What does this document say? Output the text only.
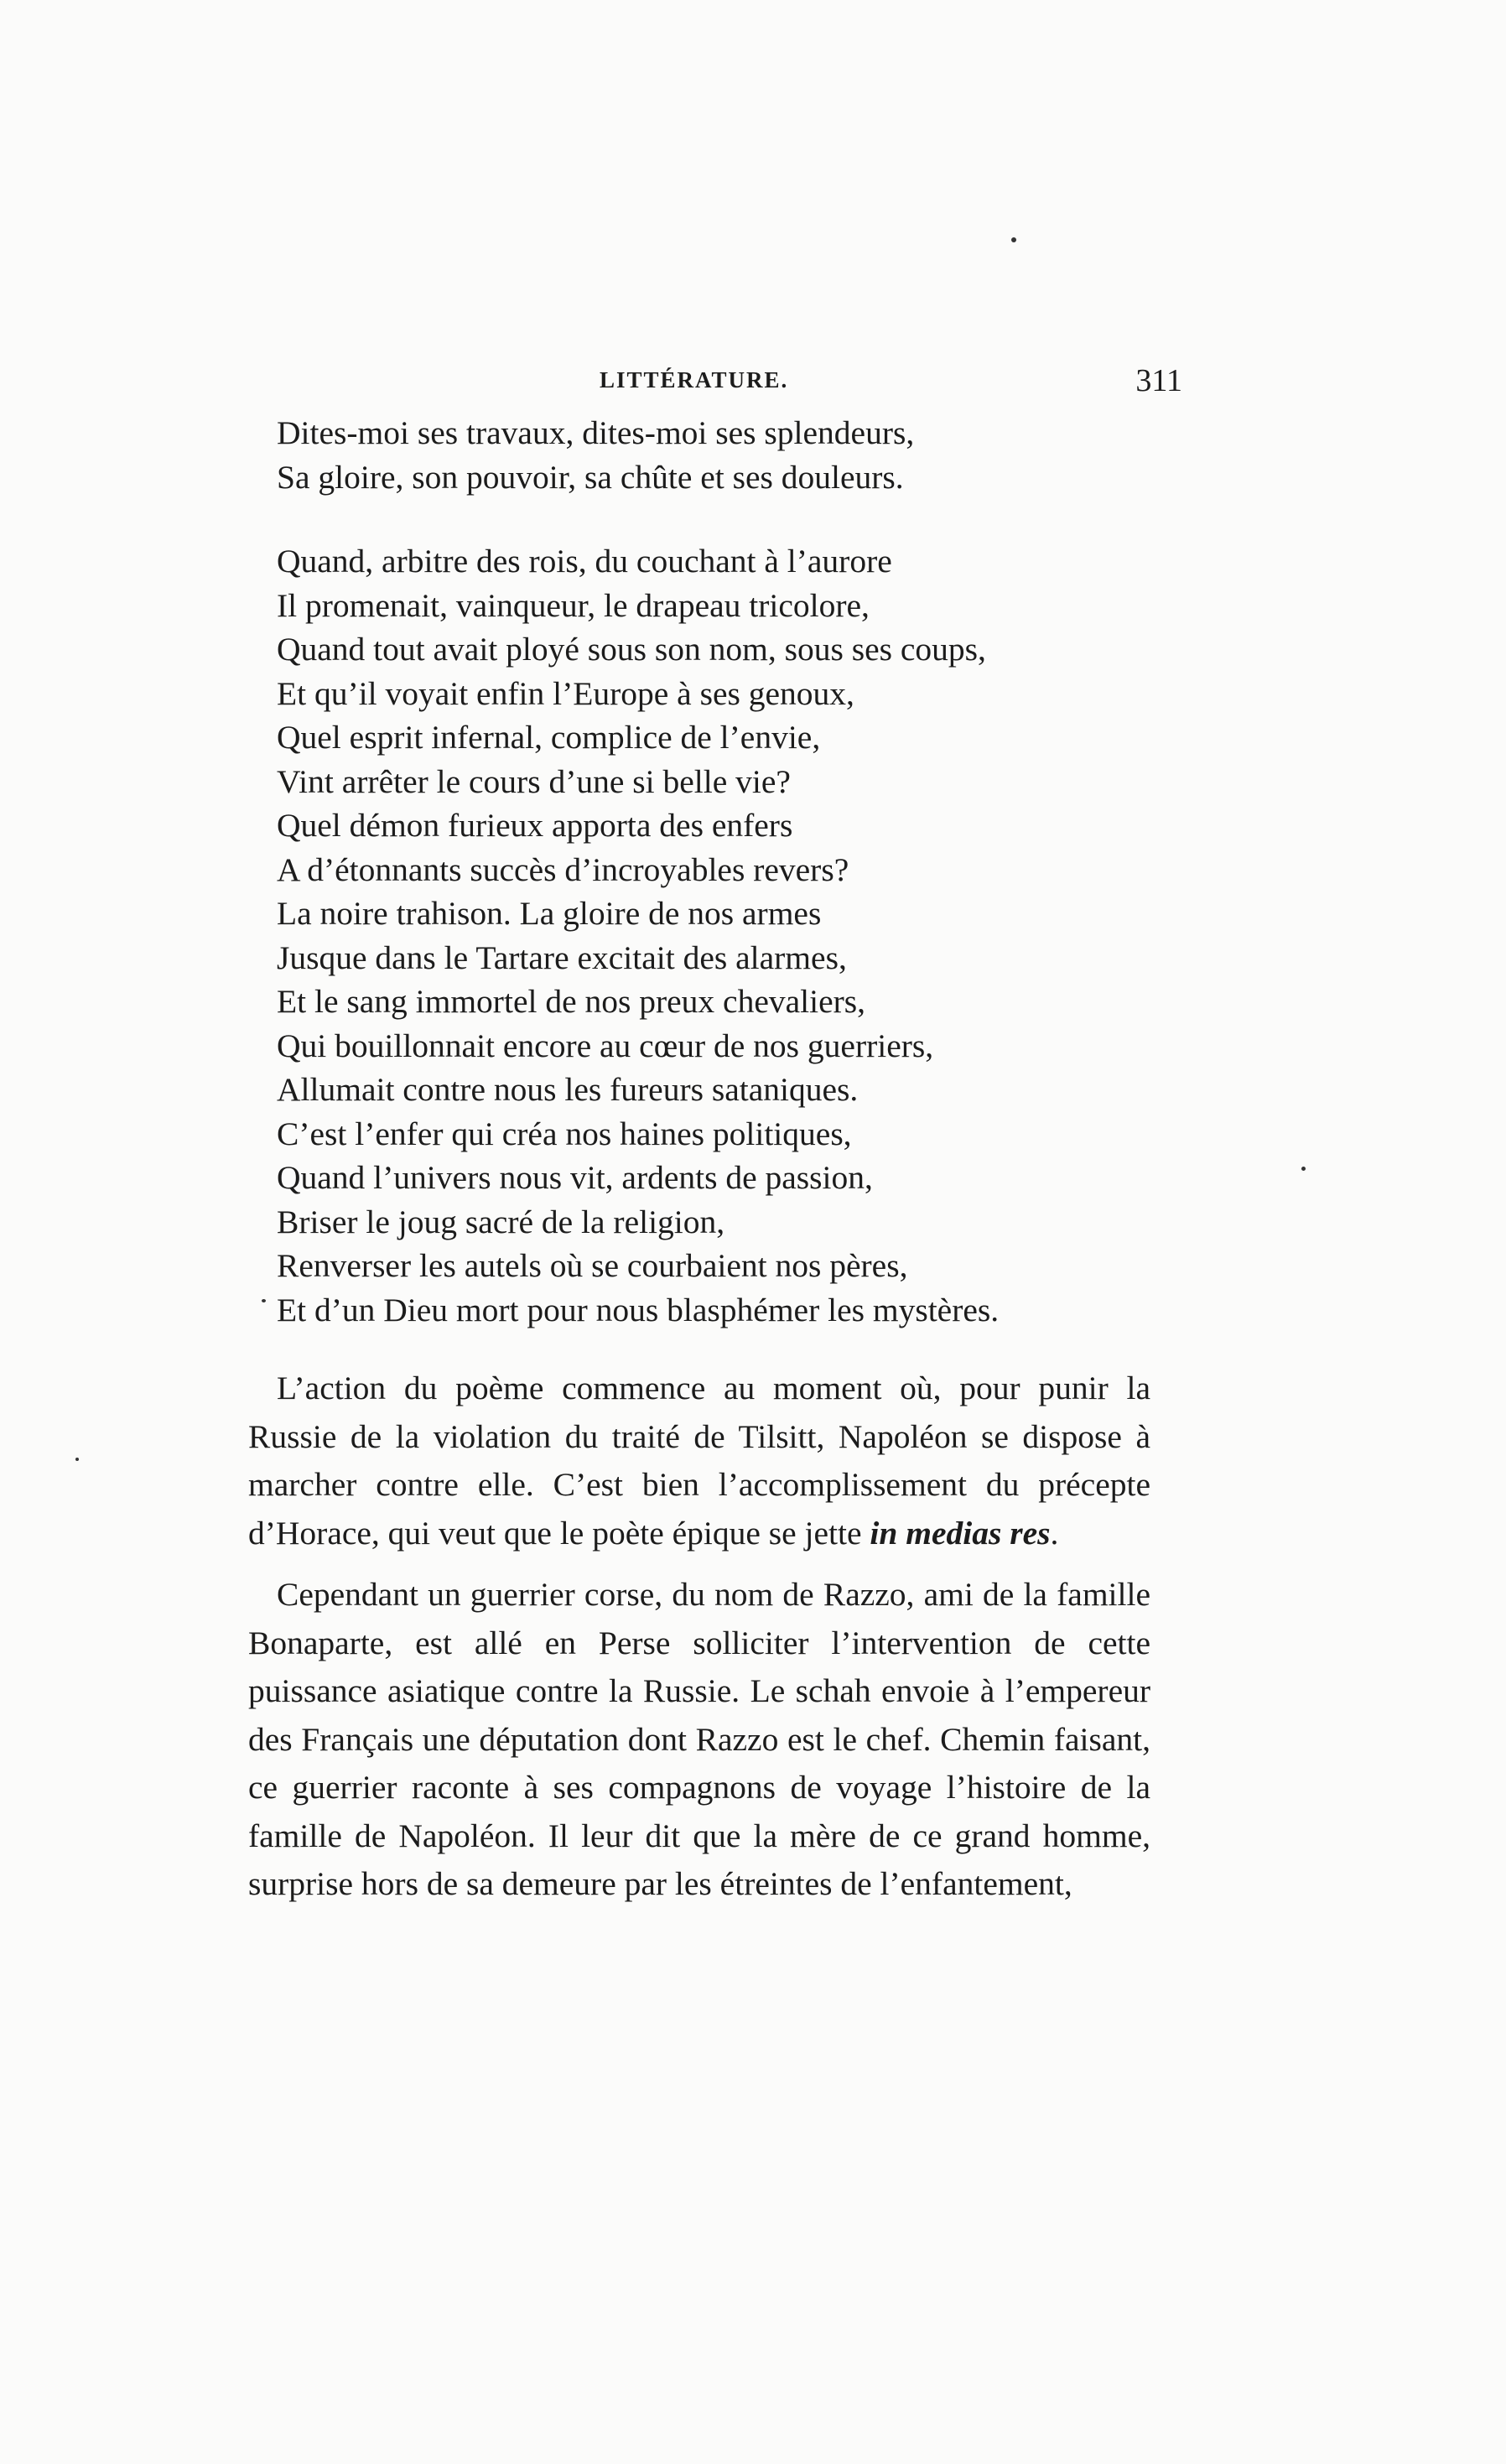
LITTÉRATURE.	311
Dites-moi ses travaux, dites-moi ses splendeurs,
Sa gloire, son pouvoir, sa chûte et ses douleurs.
Quand, arbitre des rois, du couchant à l’aurore
Il promenait, vainqueur, le drapeau tricolore,
Quand tout avait ployé sous son nom, sous ses coups,
Et qu’il voyait enfin l’Europe à ses genoux,
Quel esprit infernal, complice de l’envie,
Vint arrêter le cours d’une si belle vie?
Quel démon furieux apporta des enfers
A d’étonnants succès d’incroyables revers?
La noire trahison. La gloire de nos armes
Jusque dans le Tartare excitait des alarmes,
Et le sang immortel de nos preux chevaliers,
Qui bouillonnait encore au cœur de nos guerriers,
Allumait contre nous les fureurs sataniques.
C’est l’enfer qui créa nos haines politiques,
Quand l’univers nous vit, ardents de passion,
Briser le joug sacré de la religion,
Renverser les autels où se courbaient nos pères,
Et d’un Dieu mort pour nous blasphémer les mystères.

L’action du poème commence au moment où, pour punir la Russie de la violation du traité de Tilsitt, Napoléon se dispose à marcher contre elle. C’est bien l’accomplissement du précepte d’Horace, qui veut que le poète épique se jette in medias res.

Cependant un guerrier corse, du nom de Razzo, ami de la famille Bonaparte, est allé en Perse solliciter l’intervention de cette puissance asiatique contre la Russie. Le schah envoie à l’empereur des Français une députation dont Razzo est le chef. Chemin faisant, ce guerrier raconte à ses compagnons de voyage l’histoire de la famille de Napoléon. Il leur dit que la mère de ce grand homme, surprise hors de sa demeure par les étreintes de l’enfantement,
